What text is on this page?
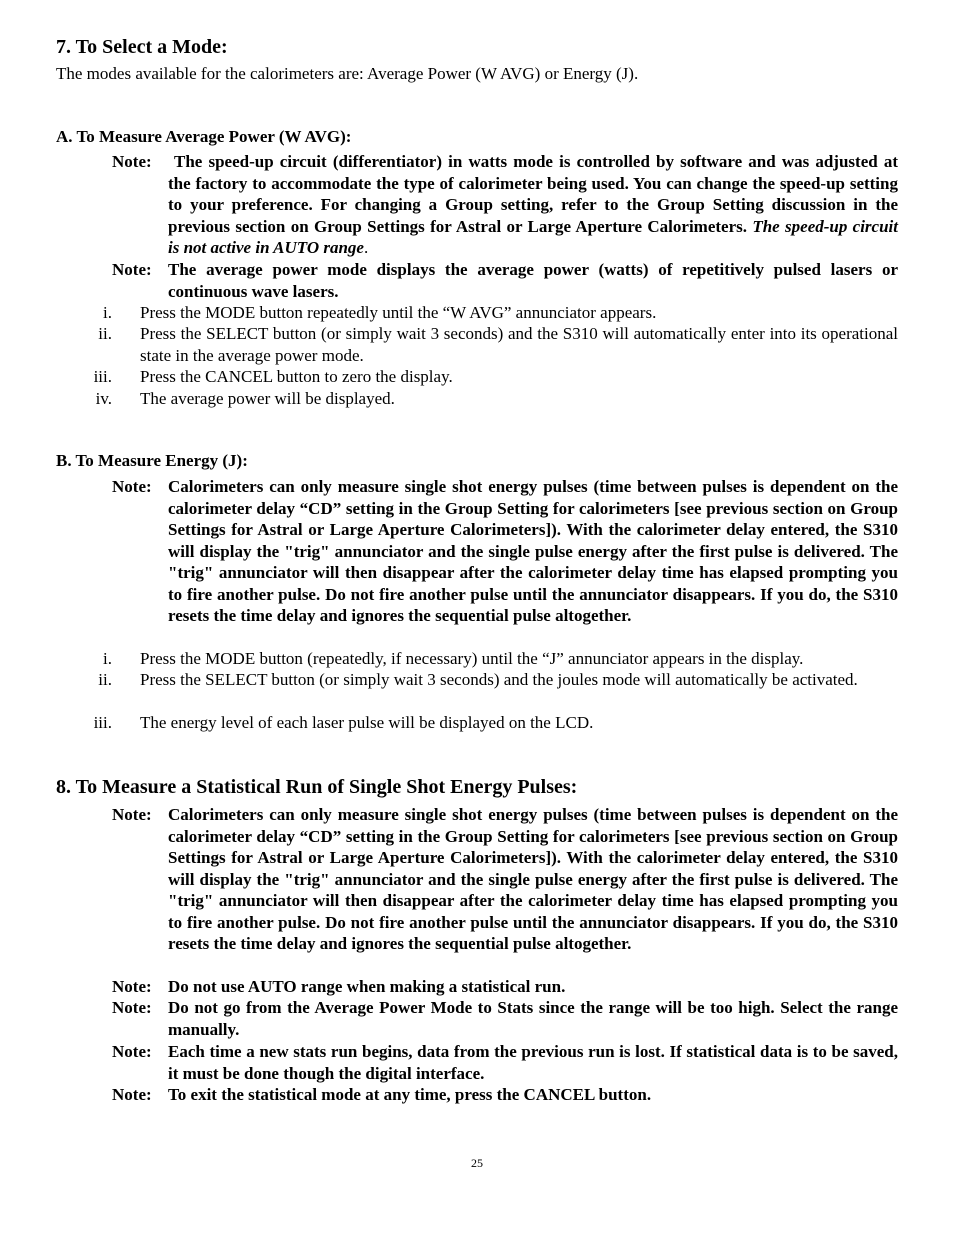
7. To Select a Mode:
The modes available for the calorimeters are: Average Power (W AVG) or Energy (J).
A. To Measure Average Power (W AVG):
Note:	The speed-up circuit (differentiator) in watts mode is controlled by software and was adjusted at the factory to accommodate the type of calorimeter being used. You can change the speed-up setting to your preference. For changing a Group setting, refer to the Group Setting discussion in the previous section on Group Settings for Astral or Large Aperture Calorimeters. The speed-up circuit is not active in AUTO range.
Note: The average power mode displays the average power (watts) of repetitively pulsed lasers or continuous wave lasers.
i.	Press the MODE button repeatedly until the “W AVG” annunciator appears.
ii.	Press the SELECT button (or simply wait 3 seconds) and the S310 will automatically enter into its operational state in the average power mode.
iii.	Press the CANCEL button to zero the display.
iv.	The average power will be displayed.
B. To Measure Energy (J):
Note: Calorimeters can only measure single shot energy pulses (time between pulses is dependent on the calorimeter delay “CD” setting in the Group Setting for calorimeters [see previous section on Group Settings for Astral or Large Aperture Calorimeters]). With the calorimeter delay entered, the S310 will display the "trig" annunciator and the single pulse energy after the first pulse is delivered. The "trig" annunciator will then disappear after the calorimeter delay time has elapsed prompting you to fire another pulse. Do not fire another pulse until the annunciator disappears. If you do, the S310 resets the time delay and ignores the sequential pulse altogether.
i.	Press the MODE button (repeatedly, if necessary) until the “J” annunciator appears in the display.
ii.	Press the SELECT button (or simply wait 3 seconds) and the joules mode will automatically be activated.
iii.	The energy level of each laser pulse will be displayed on the LCD.
8. To Measure a Statistical Run of Single Shot Energy Pulses:
Note: Calorimeters can only measure single shot energy pulses (time between pulses is dependent on the calorimeter delay “CD” setting in the Group Setting for calorimeters [see previous section on Group Settings for Astral or Large Aperture Calorimeters]). With the calorimeter delay entered, the S310 will display the "trig" annunciator and the single pulse energy after the first pulse is delivered. The "trig" annunciator will then disappear after the calorimeter delay time has elapsed prompting you to fire another pulse. Do not fire another pulse until the annunciator disappears. If you do, the S310 resets the time delay and ignores the sequential pulse altogether.
Note: Do not use AUTO range when making a statistical run.
Note: Do not go from the Average Power Mode to Stats since the range will be too high. Select the range manually.
Note: Each time a new stats run begins, data from the previous run is lost. If statistical data is to be saved, it must be done though the digital interface.
Note: To exit the statistical mode at any time, press the CANCEL button.
25
